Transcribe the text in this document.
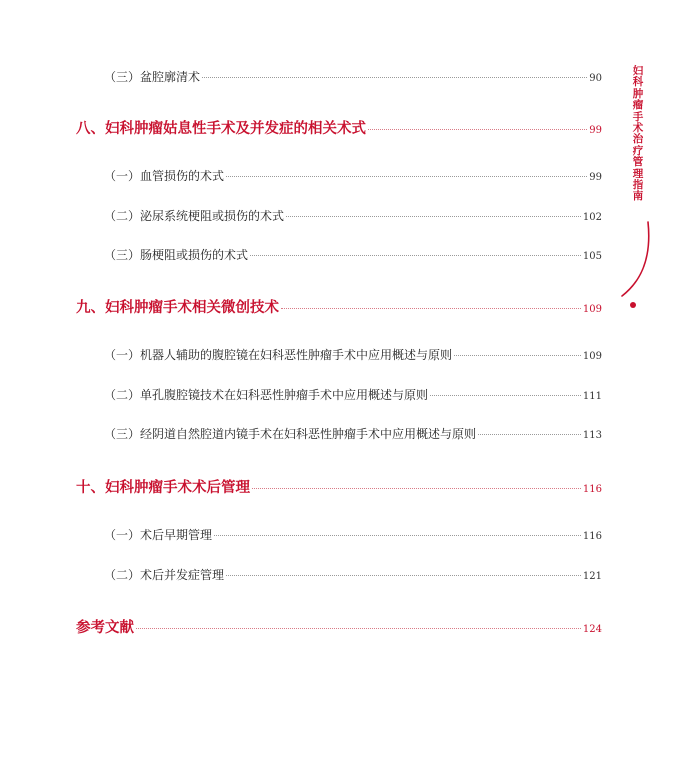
（三）盆腔廓清术	90
八、妇科肿瘤姑息性手术及并发症的相关术式	99
（一）血管损伤的术式	99
（二）泌尿系统梗阻或损伤的术式	102
（三）肠梗阻或损伤的术式	105
九、妇科肿瘤手术相关微创技术	109
（一）机器人辅助的腹腔镜在妇科恶性肿瘤手术中应用概述与原则	109
（二）单孔腹腔镜技术在妇科恶性肿瘤手术中应用概述与原则	111
（三）经阴道自然腔道内镜手术在妇科恶性肿瘤手术中应用概述与原则	113
十、妇科肿瘤手术术后管理	116
（一）术后早期管理	116
（二）术后并发症管理	121
参考文献	124
妇
科
肿
瘤
手
术
治
疗
管
理
指
南
